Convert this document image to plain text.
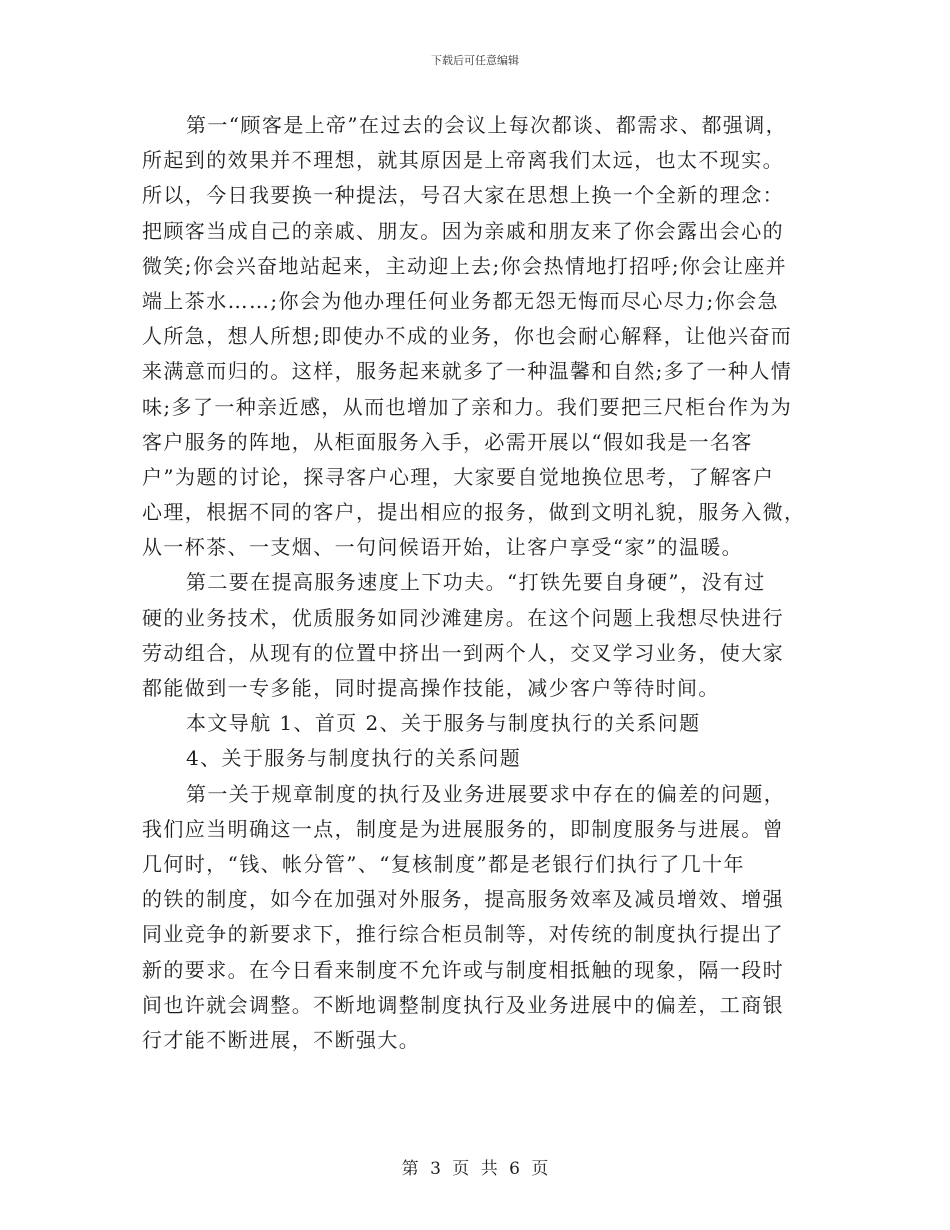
下载后可任意编辑
第一“顾客是上帝”在过去的会议上每次都谈、都需求、都强调，
所起到的效果并不理想，就其原因是上帝离我们太远，也太不现实。
所以，今日我要换一种提法，号召大家在思想上换一个全新的理念：
把顾客当成自己的亲戚、朋友。因为亲戚和朋友来了你会露出会心的
微笑;你会兴奋地站起来，主动迎上去;你会热情地打招呼;你会让座并
端上茶水……;你会为他办理任何业务都无怨无悔而尽心尽力;你会急
人所急，想人所想;即使办不成的业务，你也会耐心解释，让他兴奋而
来满意而归的。这样，服务起来就多了一种温馨和自然;多了一种人情
味;多了一种亲近感，从而也增加了亲和力。我们要把三尺柜台作为为
客户服务的阵地，从柜面服务入手，必需开展以“假如我是一名客
户”为题的讨论，探寻客户心理，大家要自觉地换位思考，了解客户
心理，根据不同的客户，提出相应的报务，做到文明礼貌，服务入微，
从一杯茶、一支烟、一句问候语开始，让客户享受“家”的温暖。
第二要在提高服务速度上下功夫。“打铁先要自身硬”，没有过
硬的业务技术，优质服务如同沙滩建房。在这个问题上我想尽快进行
劳动组合，从现有的位置中挤出一到两个人，交叉学习业务，使大家
都能做到一专多能，同时提高操作技能，减少客户等待时间。
本文导航 1、首页 2、关于服务与制度执行的关系问题
4、关于服务与制度执行的关系问题
第一关于规章制度的执行及业务进展要求中存在的偏差的问题，
我们应当明确这一点，制度是为进展服务的，即制度服务与进展。曾
几何时，“钱、帐分管”、“复核制度”都是老银行们执行了几十年
的铁的制度，如今在加强对外服务，提高服务效率及减员增效、增强
同业竞争的新要求下，推行综合柜员制等，对传统的制度执行提出了
新的要求。在今日看来制度不允许或与制度相抵触的现象，隔一段时
间也许就会调整。不断地调整制度执行及业务进展中的偏差，工商银
行才能不断进展，不断强大。
第 3 页 共 6 页
